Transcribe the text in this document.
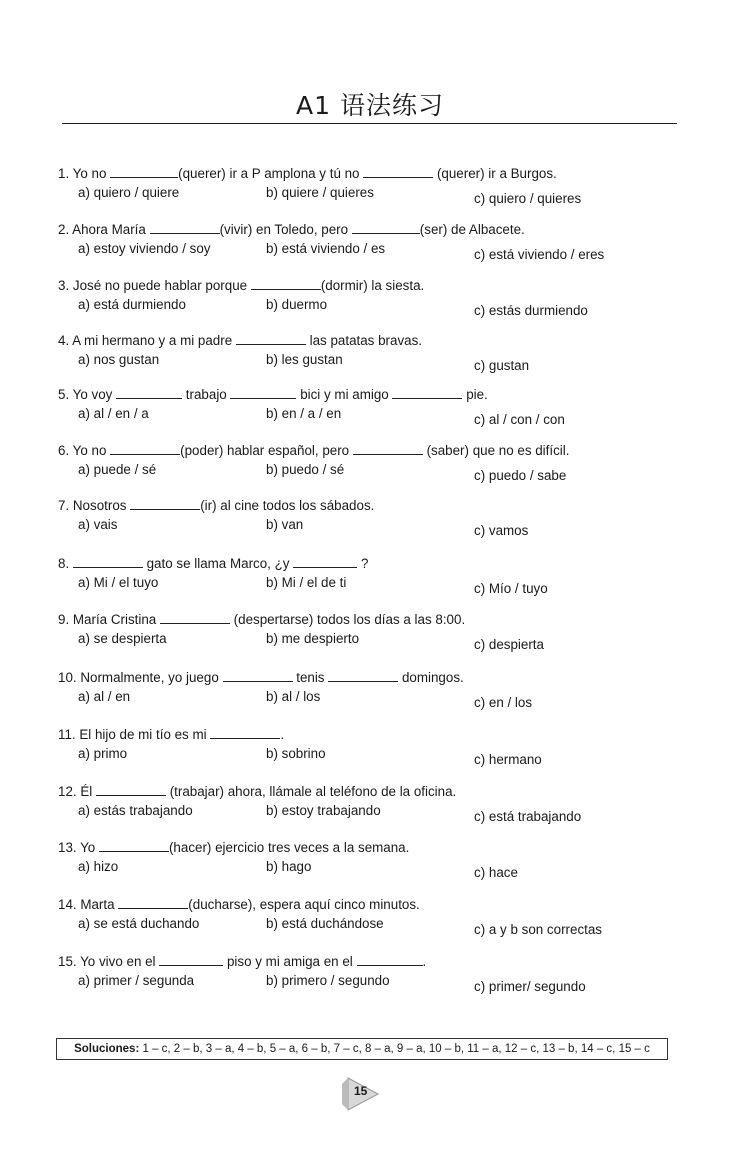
A1 语法练习
1. Yo no	(querer) ir a P amplona y tú no	(querer) ir a Burgos.
a) quiero / quiere	b) quiere / quieres	c) quiero / quieres
2. Ahora María	(vivir) en Toledo, pero	(ser) de Albacete.
a) estoy viviendo / soy	b) está viviendo / es	c) está viviendo / eres
3. José no puede hablar porque	(dormir) la siesta.
a) está durmiendo	b) duermo	c) estás durmiendo
4. A mi hermano y a mi padre	las patatas bravas.
a) nos gustan	b) les gustan	c) gustan
5. Yo voy	trabajo	bici y mi amigo	pie.
a) al / en / a	b) en / a / en	c) al / con / con
6. Yo no	(poder) hablar español, pero	(saber) que no es difícil.
a) puede / sé	b) puedo / sé	c) puedo / sabe
7. Nosotros	(ir) al cine todos los sábados.
a) vais	b) van	c) vamos
8.	gato se llama Marco, ¿y	?
a) Mi / el tuyo	b) Mi / el de ti	c) Mío / tuyo
9. María Cristina	(despertarse) todos los días a las 8:00.
a) se despierta	b) me despierto	c) despierta
10. Normalmente, yo juego	tenis	domingos.
a) al / en	b) al / los	c) en / los
11. El hijo de mi tío es mi	.
a) primo	b) sobrino	c) hermano
12. Él	(trabajar) ahora, llámale al teléfono de la oficina.
a) estás trabajando	b) estoy trabajando	c) está trabajando
13. Yo	(hacer) ejercicio tres veces a la semana.
a) hizo	b) hago	c) hace
14. Marta	(ducharse), espera aquí cinco minutos.
a) se está duchando	b) está duchándose	c) a y b son correctas
15. Yo vivo en el	piso y mi amiga en el	.
a) primer / segunda	b) primero / segundo	c) primer/ segundo
Soluciones: 1 – c, 2 – b, 3 – a, 4 – b, 5 – a, 6 – b, 7 – c, 8 – a, 9 – a, 10 – b, 11 – a, 12 – c, 13 – b, 14 – c, 15 – c
15
